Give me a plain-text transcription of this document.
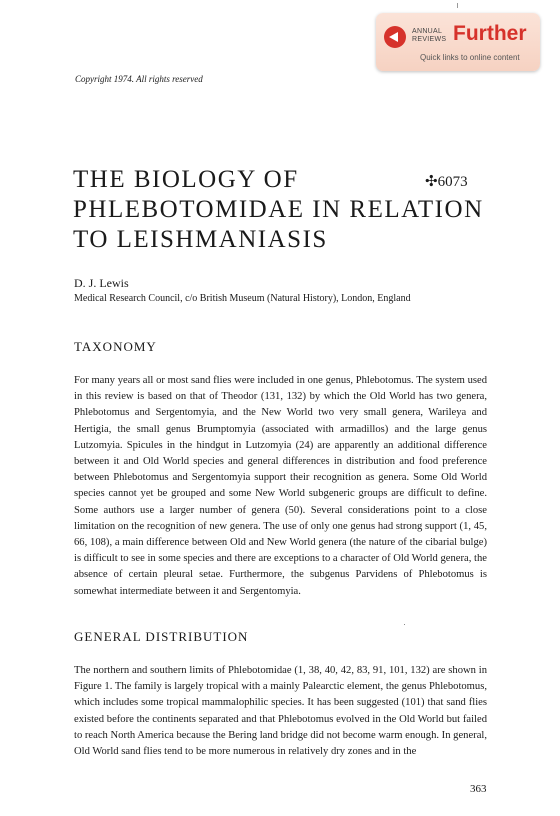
ANNUAL
REVIEWS Further
Quick links to online content
Copyright 1974. All rights reserved
THE BIOLOGY OF PHLEBOTOMIDAE IN RELATION TO LEISHMANIASIS
✣6073
D. J. Lewis
Medical Research Council, c/o British Museum (Natural History), London, England
TAXONOMY

For many years all or most sand flies were included in one genus, Phlebotomus. The system used in this review is based on that of Theodor (131, 132) by which the Old World has two genera, Phlebotomus and Sergentomyia, and the New World two very small genera, Warileya and Hertigia, the small genus Brumptomyia (associated with armadillos) and the large genus Lutzomyia. Spicules in the hindgut in Lutzomyia (24) are apparently an additional difference between it and Old World species and general differences in distribution and food preference between Phlebotomus and Sergentomyia support their recognition as genera. Some Old World species cannot yet be grouped and some New World subgeneric groups are difficult to define. Some authors use a larger number of genera (50). Several considerations point to a close limitation on the recognition of new genera. The use of only one genus had strong support (1, 45, 66, 108), a main difference between Old and New World genera (the nature of the cibarial bulge) is difficult to see in some species and there are exceptions to a character of Old World genera, the absence of certain pleural setae. Furthermore, the subgenus Parvidens of Phlebotomus is somewhat intermediate between it and Sergentomyia.

GENERAL DISTRIBUTION

The northern and southern limits of Phlebotomidae (1, 38, 40, 42, 83, 91, 101, 132) are shown in Figure 1. The family is largely tropical with a mainly Palearctic element, the genus Phlebotomus, which includes some tropical mammalophilic species. It has been suggested (101) that sand flies existed before the continents separated and that Phlebotomus evolved in the Old World but failed to reach North America because the Bering land bridge did not become warm enough. In general, Old World sand flies tend to be more numerous in relatively dry zones and in the

363
